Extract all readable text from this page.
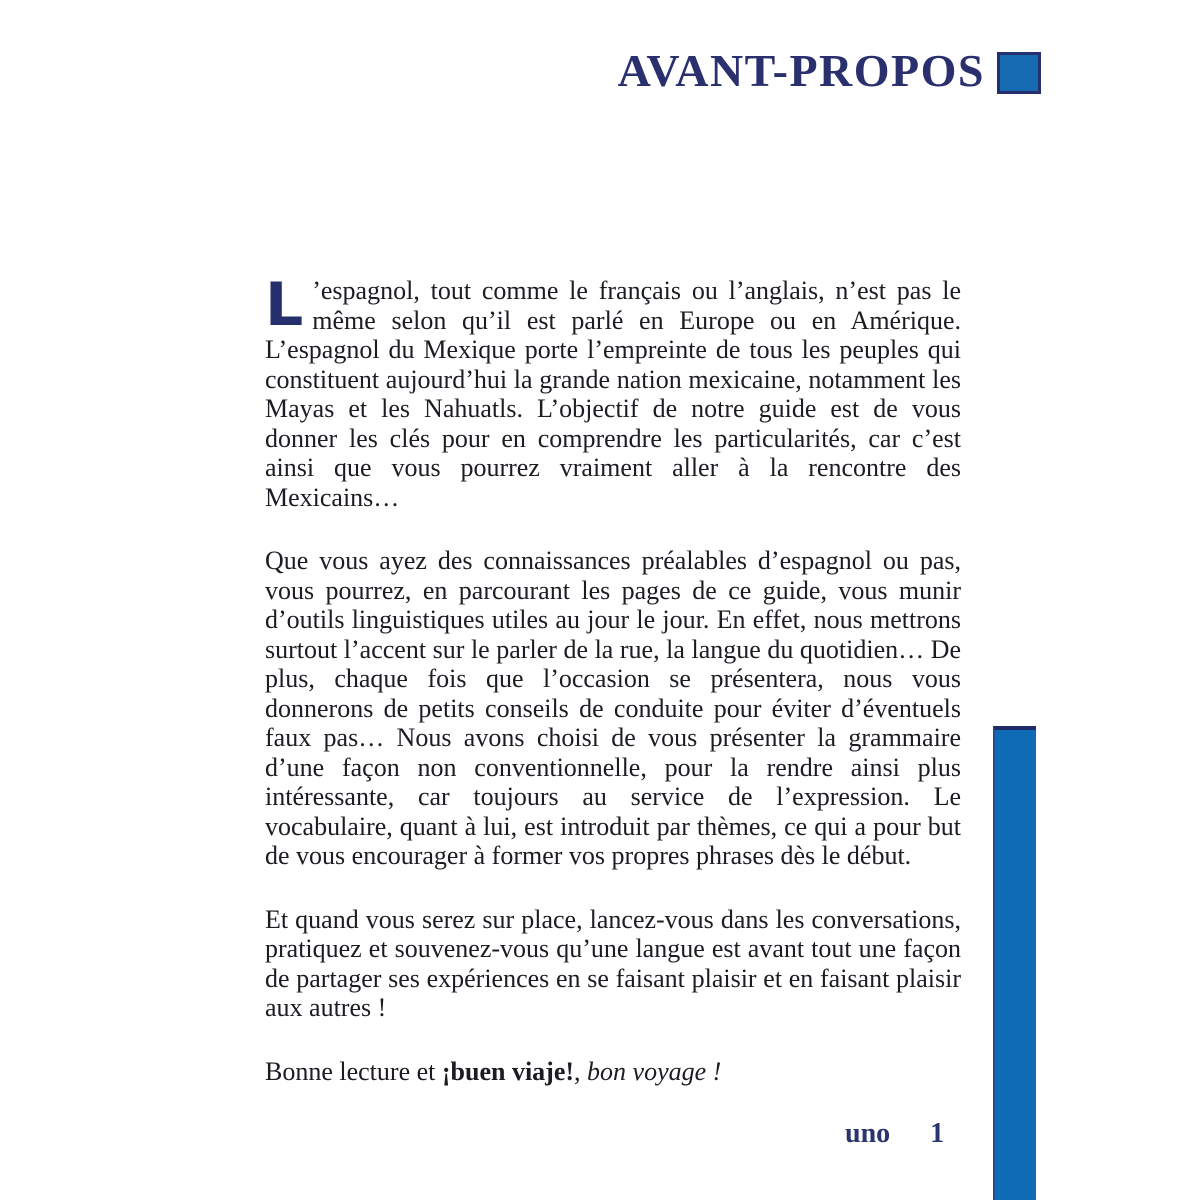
AVANT-PROPOS

L ’espagnol, tout comme le français ou l’anglais, n’est pas le même selon qu’il est parlé en Europe ou en Amérique. L’espagnol du Mexique porte l’empreinte de tous les peuples qui constituent aujourd’hui la grande nation mexicaine, notamment les Mayas et les Nahuatls. L’objectif de notre guide est de vous donner les clés pour en comprendre les particularités, car c’est ainsi que vous pourrez vraiment aller à la rencontre des Mexicains…

Que vous ayez des connaissances préalables d’espagnol ou pas, vous pourrez, en parcourant les pages de ce guide, vous munir d’outils linguistiques utiles au jour le jour. En effet, nous mettrons surtout l’accent sur le parler de la rue, la langue du quotidien… De plus, chaque fois que l’occasion se présentera, nous vous donnerons de petits conseils de conduite pour éviter d’éventuels faux pas… Nous avons choisi de vous présenter la grammaire d’une façon non conventionnelle, pour la rendre ainsi plus intéressante, car toujours au service de l’expression. Le vocabulaire, quant à lui, est introduit par thèmes, ce qui a pour but de vous encourager à former vos propres phrases dès le début.

Et quand vous serez sur place, lancez-vous dans les conversations, pratiquez et souvenez-vous qu’une langue est avant tout une façon de partager ses expériences en se faisant plaisir et en faisant plaisir aux autres !

Bonne lecture et ¡buen viaje!, bon voyage !

uno 1
